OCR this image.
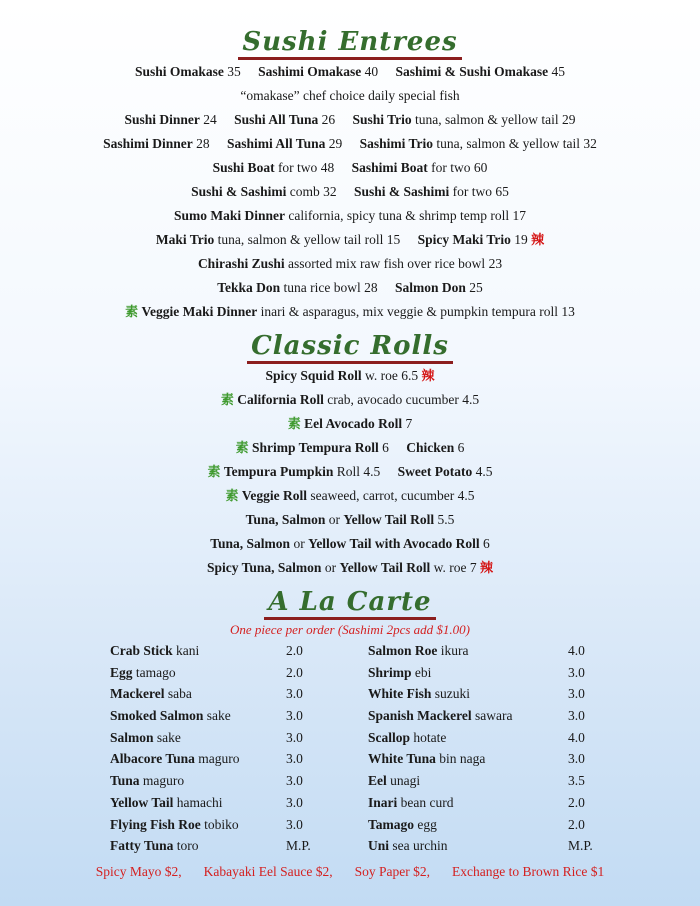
Sushi Entrees
Sushi Omakase 35 Sashimi Omakase 40 Sashimi & Sushi Omakase 45
“omakase” chef choice daily special fish
Sushi Dinner 24 Sushi All Tuna 26 Sushi Trio tuna, salmon & yellow tail 29
Sashimi Dinner 28 Sashimi All Tuna 29 Sashimi Trio tuna, salmon & yellow tail 32
Sushi Boat for two 48 Sashimi Boat for two 60
Sushi & Sashimi comb 32 Sushi & Sashimi for two 65
Sumo Maki Dinner california, spicy tuna & shrimp temp roll 17
Maki Trio tuna, salmon & yellow tail roll 15 Spicy Maki Trio 19 辣
Chirashi Zushi assorted mix raw fish over rice bowl 23
Tekka Don tuna rice bowl 28 Salmon Don 25
素 Veggie Maki Dinner inari & asparagus, mix veggie & pumpkin tempura roll 13
Classic Rolls
Spicy Squid Roll w. roe 6.5 辣
素 California Roll crab, avocado cucumber 4.5
素 Eel Avocado Roll 7
素 Shrimp Tempura Roll 6 Chicken 6
素 Tempura Pumpkin Roll 4.5 Sweet Potato 4.5
素 Veggie Roll seaweed, carrot, cucumber 4.5
Tuna, Salmon or Yellow Tail Roll 5.5
Tuna, Salmon or Yellow Tail with Avocado Roll 6
Spicy Tuna, Salmon or Yellow Tail Roll w. roe 7 辣
A La Carte
One piece per order (Sashimi 2pcs add $1.00)
Crab Stick kani	2.0
Egg tamago	2.0
Mackerel saba	3.0
Smoked Salmon sake	3.0
Salmon sake	3.0
Albacore Tuna maguro	3.0
Tuna maguro	3.0
Yellow Tail hamachi	3.0
Flying Fish Roe tobiko	3.0
Fatty Tuna toro	M.P.
Salmon Roe ikura	4.0
Shrimp ebi	3.0
White Fish suzuki	3.0
Spanish Mackerel sawara	3.0
Scallop hotate	4.0
White Tuna bin naga	3.0
Eel unagi	3.5
Inari bean curd	2.0
Tamago egg	2.0
Uni sea urchin	M.P.
Spicy Mayo $2, Kabayaki Eel Sauce $2, Soy Paper $2, Exchange to Brown Rice $1
